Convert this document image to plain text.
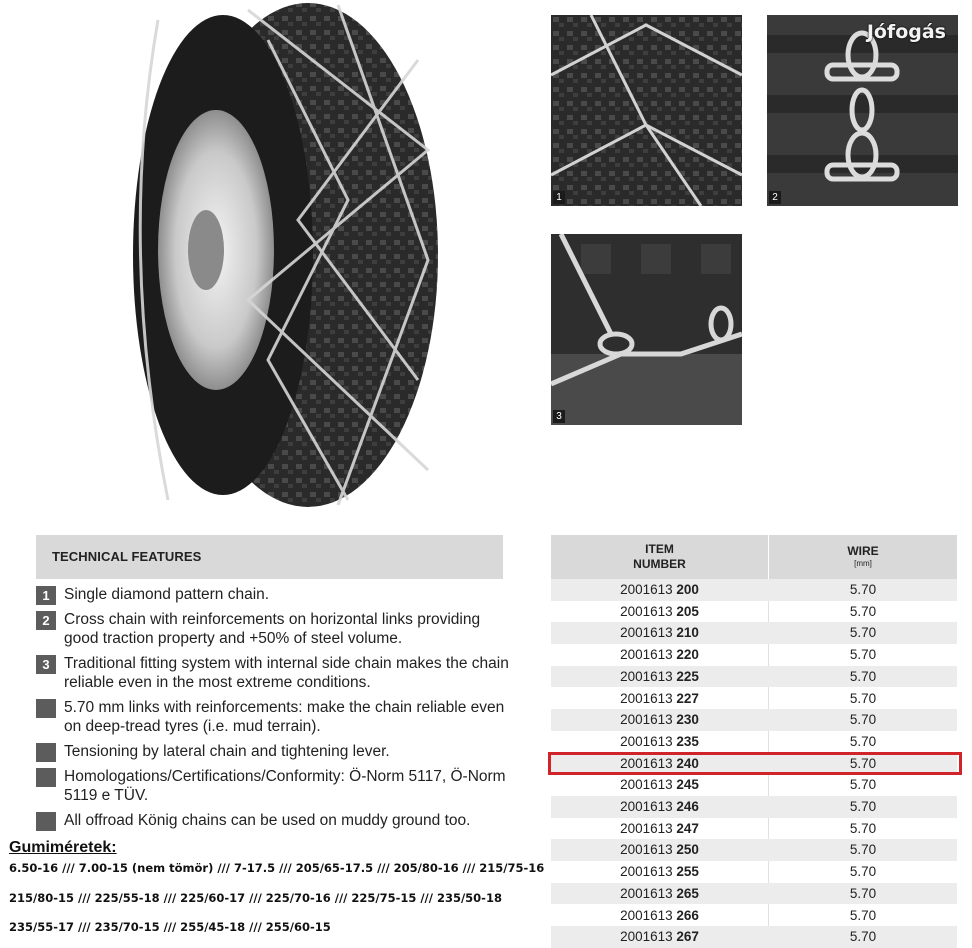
1	2
Jófogás
3
TECHNICAL FEATURES
1 Single diamond pattern chain.
2 Cross chain with reinforcements on horizontal links providing good traction property and +50% of steel volume.
3 Traditional fitting system with internal side chain makes the chain reliable even in the most extreme conditions.
5.70 mm links with reinforcements: make the chain reliable even on deep-tread tyres (i.e. mud terrain).
Tensioning by lateral chain and tightening lever.
Homologations/Certifications/Conformity: Ö-Norm 5117, Ö-Norm 5119 e TÜV.
All offroad König chains can be used on muddy ground too.
Gumiméretek:
6.50-16 /// 7.00-15 (nem tömör) /// 7-17.5 /// 205/65-17.5 /// 205/80-16 /// 215/75-16
215/80-15 /// 225/55-18 /// 225/60-17 /// 225/70-16 /// 225/75-15 /// 235/50-18
235/55-17 /// 235/70-15 /// 255/45-18 /// 255/60-15
ITEM
NUMBER
WIRE
[mm]
2001613 200	5.70
2001613 205	5.70
2001613 210	5.70
2001613 220	5.70
2001613 225	5.70
2001613 227	5.70
2001613 230	5.70
2001613 235	5.70
2001613 240	5.70
2001613 245	5.70
2001613 246	5.70
2001613 247	5.70
2001613 250	5.70
2001613 255	5.70
2001613 265	5.70
2001613 266	5.70
2001613 267	5.70
